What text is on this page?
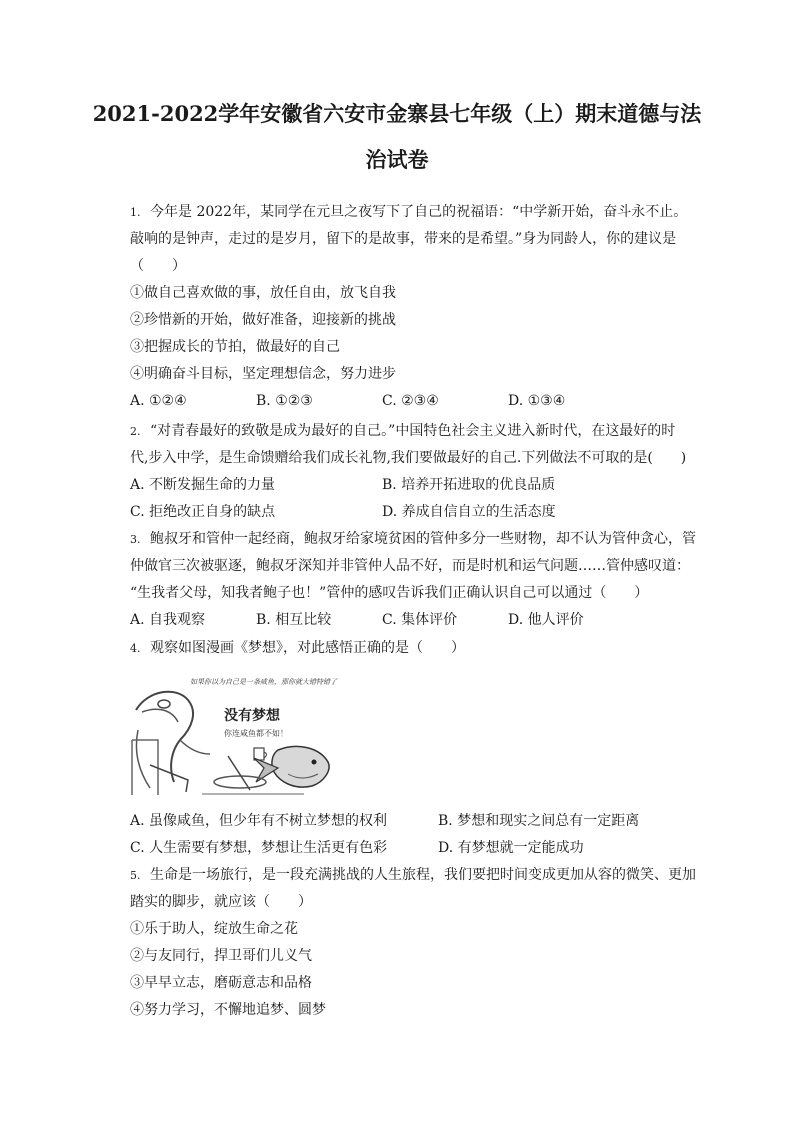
2021-2022学年安徽省六安市金寨县七年级（上）期末道德与法
治试卷

1. 今年是 2022年，某同学在元旦之夜写下了自己的祝福语：“中学新开始，奋斗永不止。

敲响的是钟声，走过的是岁月，留下的是故事，带来的是希望。”身为同龄人，你的建议是

（　　）

①做自己喜欢做的事，放任自由，放飞自我

②珍惜新的开始，做好准备，迎接新的挑战

③把握成长的节拍，做最好的自己

④明确奋斗目标，坚定理想信念，努力进步

A. ①②④	B. ①②③	C. ②③④	D. ①③④

2. “对青春最好的致敬是成为最好的自己。”中国特色社会主义进入新时代，在这最好的时

代,步入中学，是生命馈赠给我们成长礼物,我们要做最好的自己.下列做法不可取的是(　　)

A. 不断发掘生命的力量	B. 培养开拓进取的优良品质
C. 拒绝改正自身的缺点	D. 养成自信自立的生活态度

3. 鲍叔牙和管仲一起经商，鲍叔牙给家境贫困的管仲多分一些财物，却不认为管仲贪心，管

仲做官三次被驱逐，鲍叔牙深知并非管仲人品不好，而是时机和运气问题……管仲感叹道：

“生我者父母，知我者鲍子也！”管仲的感叹告诉我们正确认识自己可以通过（　　）

A. 自我观察	B. 相互比较	C. 集体评价	D. 他人评价

4. 观察如图漫画《梦想》，对此感悟正确的是（　　）

如果你以为自己是一条咸鱼，那你就大错特错了！
没有梦想
你连咸鱼都不如！
A. 虽像咸鱼，但少年有不树立梦想的权利	B. 梦想和现实之间总有一定距离
C. 人生需要有梦想，梦想让生活更有色彩	D. 有梦想就一定能成功

5. 生命是一场旅行，是一段充满挑战的人生旅程，我们要把时间变成更加从容的微笑、更加

踏实的脚步，就应该（　　）

①乐于助人，绽放生命之花

②与友同行，捍卫哥们儿义气

③早早立志，磨砺意志和品格

④努力学习，不懈地追梦、圆梦
